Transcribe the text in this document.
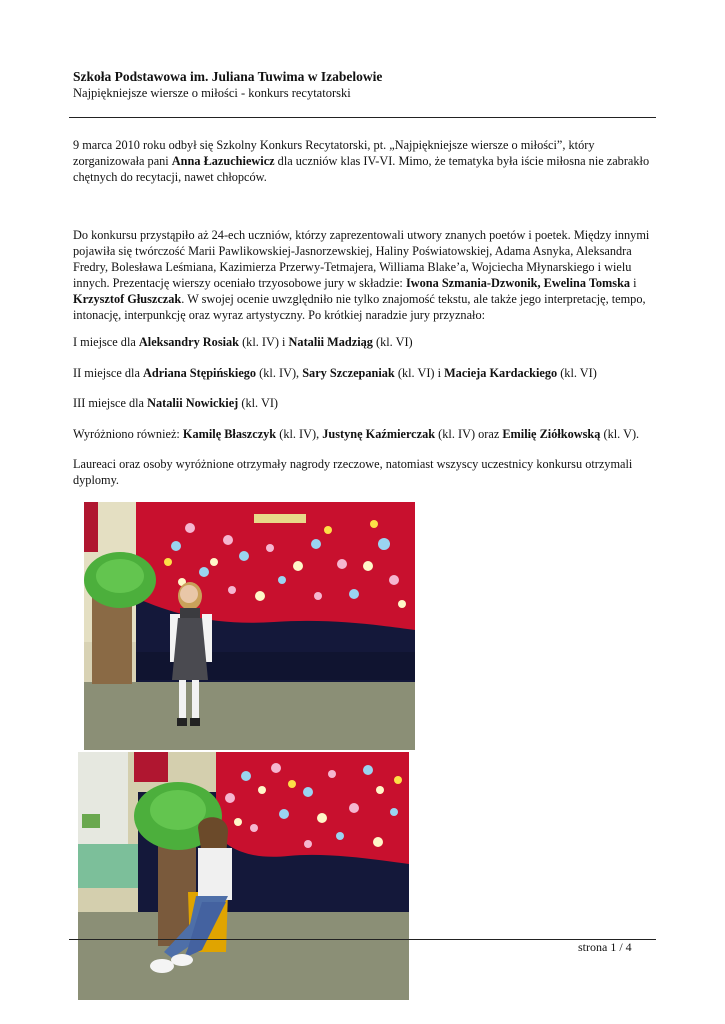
Szkoła Podstawowa im. Juliana Tuwima w Izabelowie

Najpiękniejsze wiersze o miłości - konkurs recytatorski

9 marca 2010 roku odbył się Szkolny Konkurs Recytatorski, pt. „Najpiękniejsze wiersze o miłości”, który zorganizowała pani Anna Łazuchiewicz dla uczniów klas IV-VI. Mimo, że tematyka była iście miłosna nie zabrakło chętnych do recytacji, nawet chłopców.

Do konkursu przystąpiło aż 24-ech uczniów, którzy zaprezentowali utwory znanych poetów i poetek. Między innymi pojawiła się twórczość Marii Pawlikowskiej-Jasnorzewskiej, Haliny Poświatowskiej, Adama Asnyka, Aleksandra Fredry, Bolesława Leśmiana, Kazimierza Przerwy-Tetmajera, Williama Blake’a, Wojciecha Młynarskiego i wielu innych. Prezentację wierszy oceniało trzyosobowe jury w składzie: Iwona Szmania-Dzwonik, Ewelina Tomska i Krzysztof Głuszczak. W swojej ocenie uwzględniło nie tylko znajomość tekstu, ale także jego interpretację, tempo, intonację, interpunkcję oraz wyraz artystyczny. Po krótkiej naradzie jury przyznało:

I miejsce dla Aleksandry Rosiak (kl. IV) i Natalii Madziąg (kl. VI)

II miejsce dla Adriana Stępińskiego (kl. IV), Sary Szczepaniak (kl. VI) i Macieja Kardackiego (kl. VI)

III miejsce dla Natalii Nowickiej (kl. VI)

Wyróżniono również: Kamilę Błaszczyk (kl. IV), Justynę Kaźmierczak (kl. IV) oraz Emilię Ziółkowską (kl. V).

Laureaci oraz osoby wyróżnione otrzymały nagrody rzeczowe, natomiast wszyscy uczestnicy konkursu otrzymali dyplomy.

strona 1 / 4
